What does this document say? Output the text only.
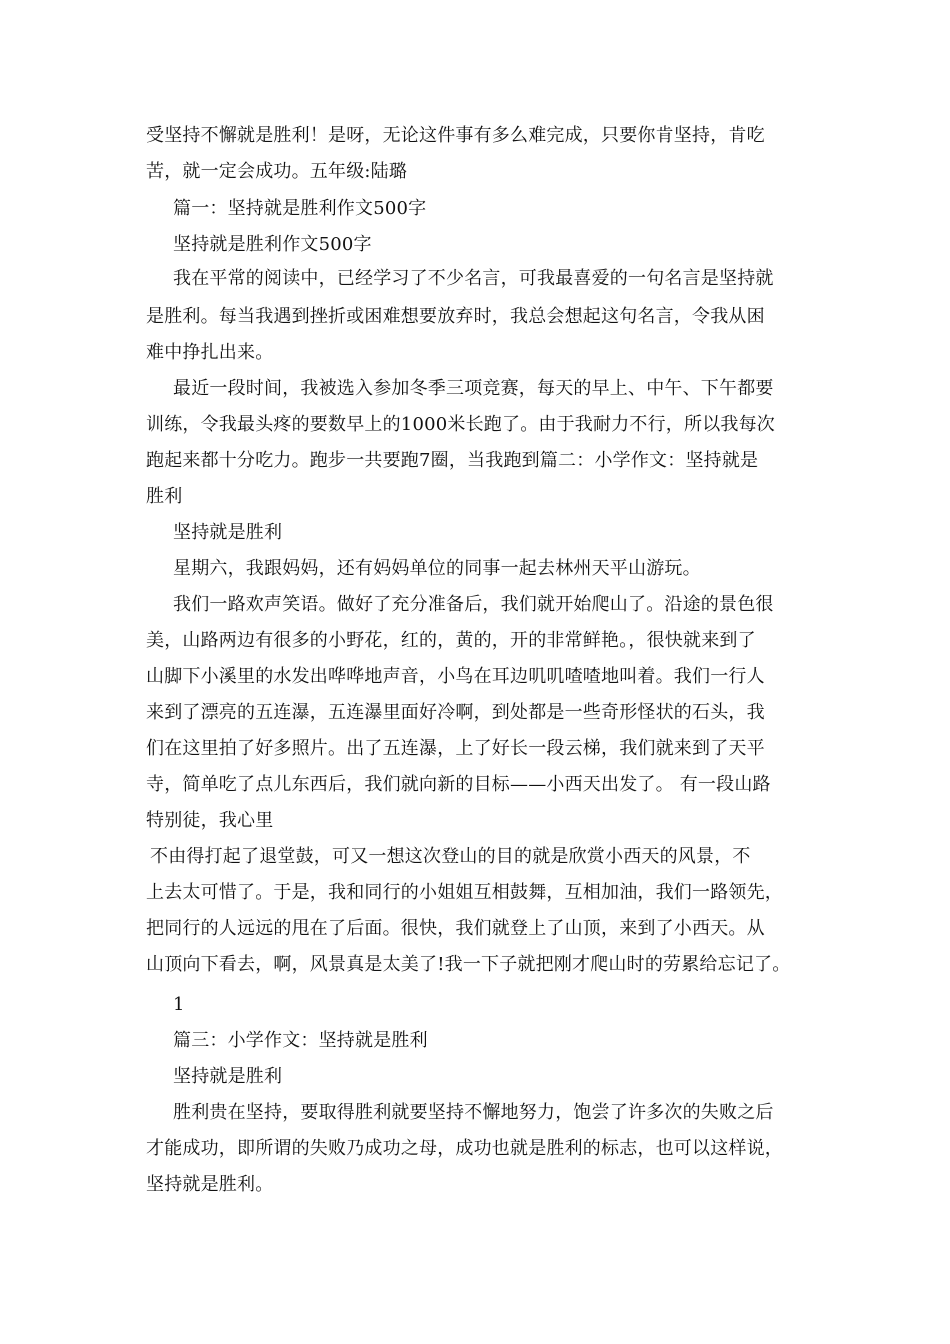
受坚持不懈就是胜利！是呀，无论这件事有多么难完成，只要你肯坚持，肯吃
苦，就一定会成功。五年级:陆璐
篇一：坚持就是胜利作文500字
坚持就是胜利作文500字
我在平常的阅读中，已经学习了不少名言，可我最喜爱的一句名言是坚持就
是胜利。每当我遇到挫折或困难想要放弃时，我总会想起这句名言，令我从困
难中挣扎出来。
最近一段时间，我被选入参加冬季三项竞赛，每天的早上、中午、下午都要
训练，令我最头疼的要数早上的1000米长跑了。由于我耐力不行，所以我每次
跑起来都十分吃力。跑步一共要跑7圈，当我跑到篇二：小学作文：坚持就是
胜利
坚持就是胜利
星期六，我跟妈妈，还有妈妈单位的同事一起去林州天平山游玩。
我们一路欢声笑语。做好了充分准备后，我们就开始爬山了。沿途的景色很
美，山路两边有很多的小野花，红的，黄的，开的非常鲜艳。，很快就来到了
山脚下小溪里的水发出哗哗地声音，小鸟在耳边叽叽喳喳地叫着。我们一行人
来到了漂亮的五连瀑，五连瀑里面好冷啊，到处都是一些奇形怪状的石头，我
们在这里拍了好多照片。出了五连瀑，上了好长一段云梯，我们就来到了天平
寺，简单吃了点儿东西后，我们就向新的目标——小西天出发了。 有一段山路
特别徒，我心里
不由得打起了退堂鼓，可又一想这次登山的目的就是欣赏小西天的风景，不
上去太可惜了。于是，我和同行的小姐姐互相鼓舞，互相加油，我们一路领先，
把同行的人远远的甩在了后面。很快，我们就登上了山顶，来到了小西天。从
山顶向下看去，啊，风景真是太美了!我一下子就把刚才爬山时的劳累给忘记了。
1
篇三：小学作文：坚持就是胜利
坚持就是胜利
胜利贵在坚持，要取得胜利就要坚持不懈地努力，饱尝了许多次的失败之后
才能成功，即所谓的失败乃成功之母，成功也就是胜利的标志，也可以这样说，
坚持就是胜利。
